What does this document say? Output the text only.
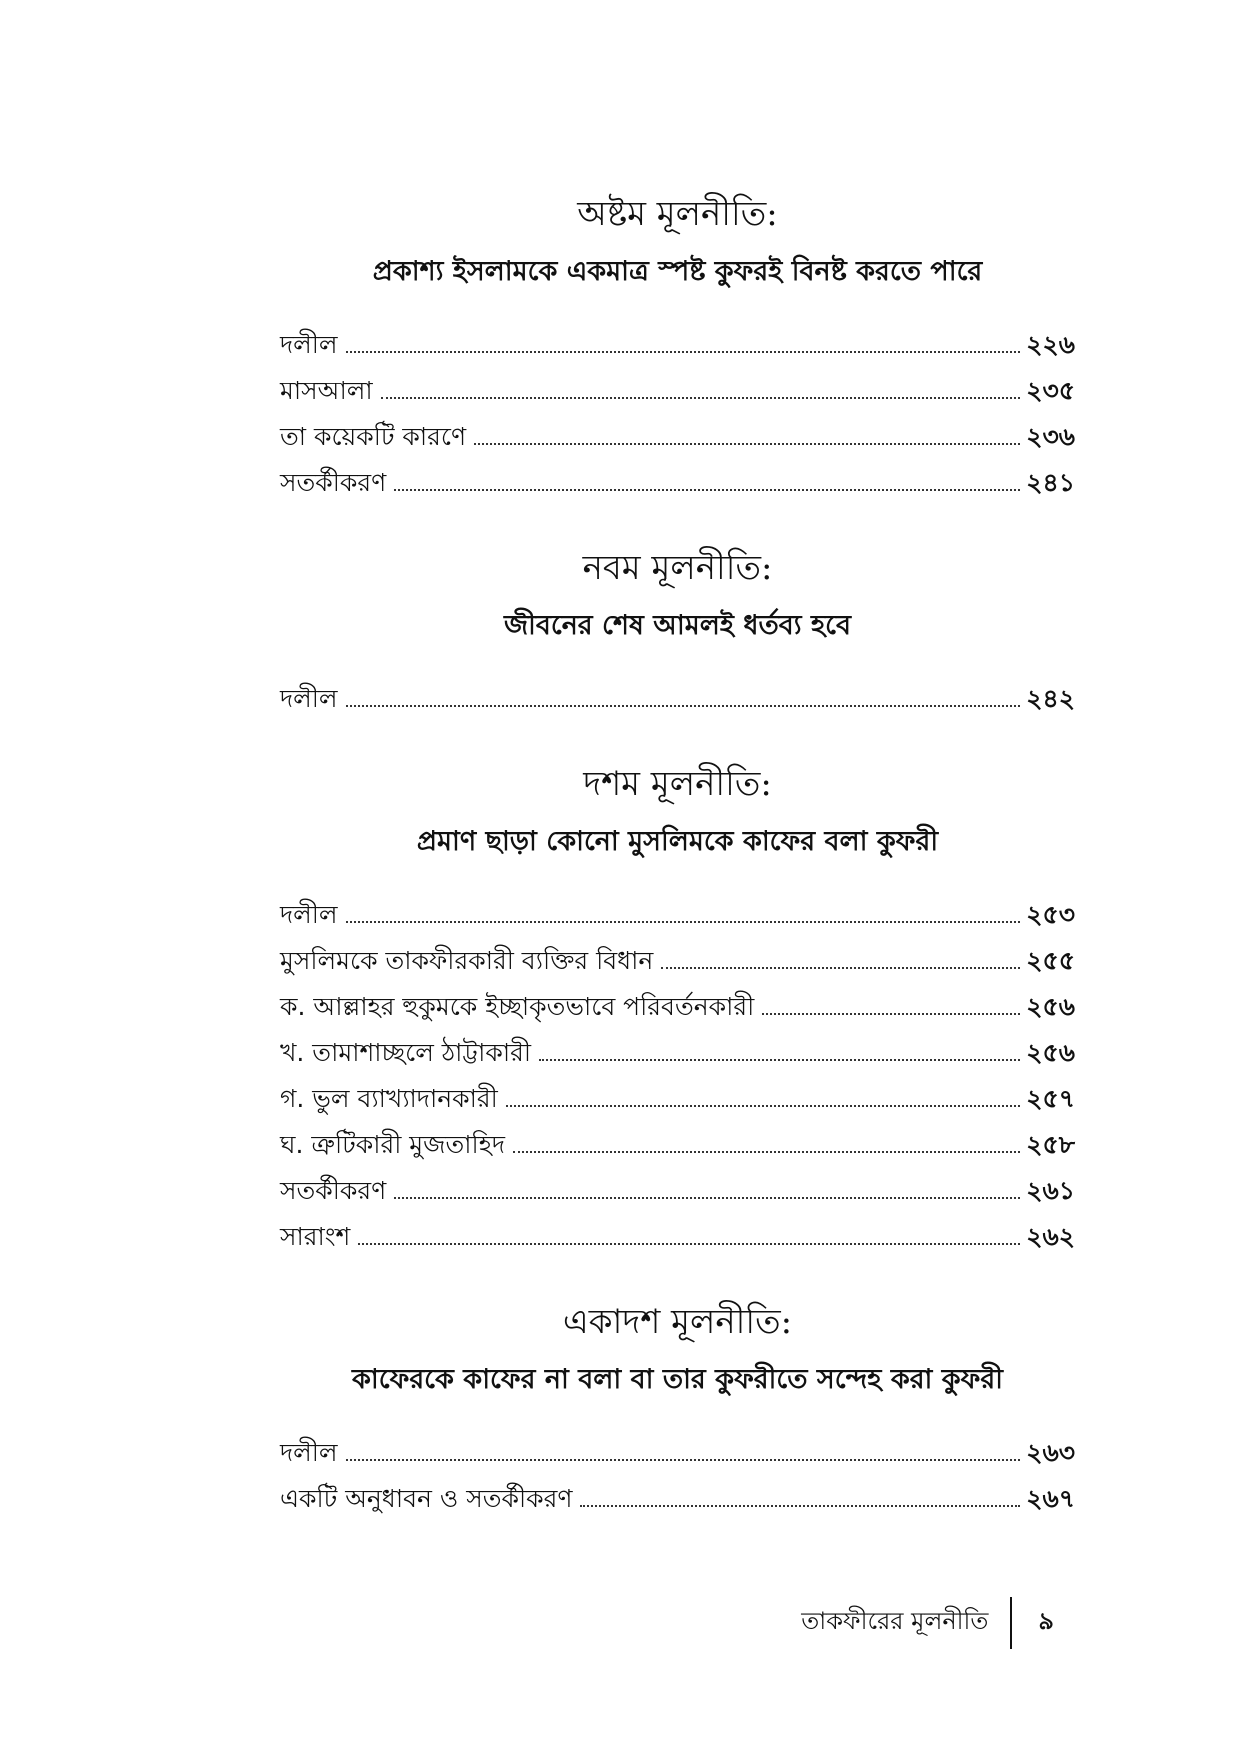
অষ্টম মূলনীতি:
প্রকাশ্য ইসলামকে একমাত্র স্পষ্ট কুফরই বিনষ্ট করতে পারে
দলীল	২২৬
মাসআলা	২৩৫
তা কয়েকটি কারণে	২৩৬
সতর্কীকরণ	২৪১
নবম মূলনীতি:
জীবনের শেষ আমলই ধর্তব্য হবে
দলীল	২৪২
দশম মূলনীতি:
প্রমাণ ছাড়া কোনো মুসলিমকে কাফের বলা কুফরী
দলীল	২৫৩
মুসলিমকে তাকফীরকারী ব্যক্তির বিধান	২৫৫
ক. আল্লাহর হুকুমকে ইচ্ছাকৃতভাবে পরিবর্তনকারী	২৫৬
খ. তামাশাচ্ছলে ঠাট্টাকারী	২৫৬
গ. ভুল ব্যাখ্যাদানকারী	২৫৭
ঘ. ত্রুটিকারী মুজতাহিদ	২৫৮
সতর্কীকরণ	২৬১
সারাংশ	২৬২
একাদশ মূলনীতি:
কাফেরকে কাফের না বলা বা তার কুফরীতে সন্দেহ করা কুফরী
দলীল	২৬৩
একটি অনুধাবন ও সতর্কীকরণ	২৬৭
তাকফীরের মূলনীতি	৯
